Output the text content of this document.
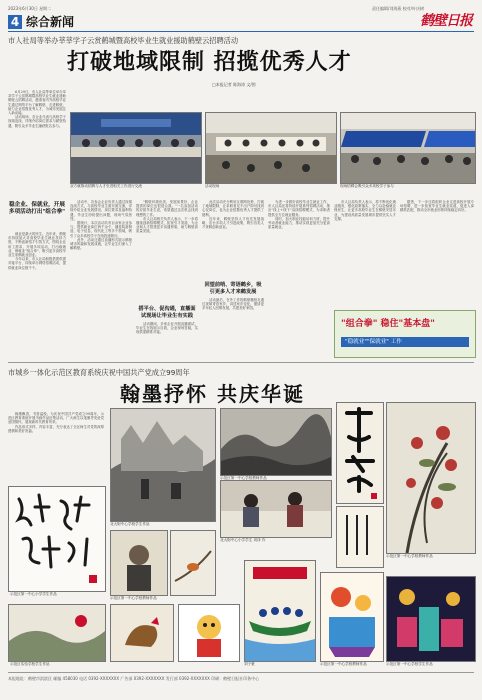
2023年6月30日 星期二	责任编辑/刘海燕 校对/叶庆树
4 综合新闻	鹤壁日报
市人社局等举办莘莘学子云赏鹤城暨高校毕业生就业援助鹤壁云招聘活动
打破地域限制 招揽优秀人才
□本报记者 陈海涛 文/图

6月29日，市人社局等单位举办莘莘学子云赏鹤城暨高校毕业生就业援助鹤壁云招聘活动，邀请省内外高校毕业生通过网络平台了解鹤壁、走进鹤壁，助力企业招揽优秀人才，为城市发展注入新动能。

活动现场，各企业代表与高校学子视频连线，详细介绍岗位需求与薪资待遇，吸引众多毕业生踊跃报名参与。

双方就推动招聘与人才引进相关工作进行交流	活动现场	现场招聘会吸引众多高校学子参与
稳企业、保就业，开展多项活动打出"组合拳"

就业是最大的民生。近年来，鹤壁市持续加大对高校毕业生就业扶持力度，不断创新招才引智方式，围绕企业用工需求，开展多项活动，打出稳就业、保就业"组合拳"，吸引更多高校毕业生来鹤就业创业。

今年以来，市人社局积极搭建供需对接平台，持续举办网络招聘活动，提供就业岗位数千个。

活动中，各参会企业负责人通过视频连线方式，与高校毕业生面对面交流，详细介绍企业发展情况、岗位要求及福利待遇，毕业生纷纷提出问题，现场气氛热烈。

据统计，本次活动共有百余家企业参与，提供就业岗位两千余个，涵盖装备制造、电子信息、现代化工等多个领域，吸引了众多高校学子在线投递简历。

此外，活动还通过直播形式展示鹤壁城市风貌和发展成就，让毕业生们深入了解鹤壁。

"鹤壁环境优美、发展前景好，企业提供的岗位也很适合我。"一名参加活动的应届毕业生说，希望通过这次机会找到理想的工作。

市人社局相关负责人表示，下一步将继续创新招聘模式，拓宽引才渠道，为企业和人才搭建更多沟通桥梁，助力鹤壁高质量发展。

搭平台、促沟通，直播面试现场让毕业生有实践

活动期间，多家企业开展直播面试，毕业生在线展示自我，企业现场答疑，实现供需精准对接。

此次活动充分利用互联网优势，打破了地域限制，让求职者足不出户即可找到心仪岗位，也为企业招揽优秀人才提供了便利。

近年来，鹤壁坚持人才优先发展战略，出台多项人才引进政策，吸引各类人才来鹤创新创业。

回望前哨、寄语鹤乡，吸引更多人才来鹤发展

活动最后，在外工作的鹤壁籍校友通过视频寄语家乡，讲述家乡变化，邀请更多年轻人回鹤发展，共建美好家园。

为进一步做好高校毕业生就业工作，市人社局还将持续开展系列招聘活动，推出"线上+线下"双线招聘模式，为求职者提供全方位就业服务。

同时，加大职业技能培训力度，提升劳动者就业能力，推动实现更加充分更高质量就业。

市人社局负责人表示，将不断优化就业服务，强化政策落实，全力以赴稳就业保民生，让更多高校毕业生在鹤壁安居乐业，为建设高质量发展城市提供坚实人才支撑。

据悉，下一步还将组织企业走进高校开展专场招聘，进一步拓宽毕业生就业渠道，促进人岗精准匹配，推动全市就业形势持续稳定向好。

"组合拳" 稳住"基本盘"
"稳就业""保就业" 工作
市城乡一体化示范区教育系统庆祝中国共产党成立99周年
翰墨抒怀 共庆华诞

翰墨飘香，书香溢校。为庆祝中国共产党成立99周年，示范区教育系统开展书画作品征集活动，广大师生以笔墨抒发爱党爱国情怀，展现新时代教育风采。

作品形式多样、内容丰富，充分表达了全区师生对党的深厚感情和美好祝福。

示范区第一中心小学学生作品
北大街中心学校学生作品
示范区第一中心学校教师作品
示范区第一中心学校教师作品
北大街中心小学学生 刘泽 作
示范区第一中心学校教师作品
刘子豪	示范区第一中心学校教师作品	示范区第一中心学校学生作品
示范区实验学校学生作品
本报地址：鹤壁市淇滨区 邮编 458030 电话 0392-XXXXXXX 广告部 0392-XXXXXXX 发行部 0392-XXXXXXX 印刷：鹤壁日报社印务中心
